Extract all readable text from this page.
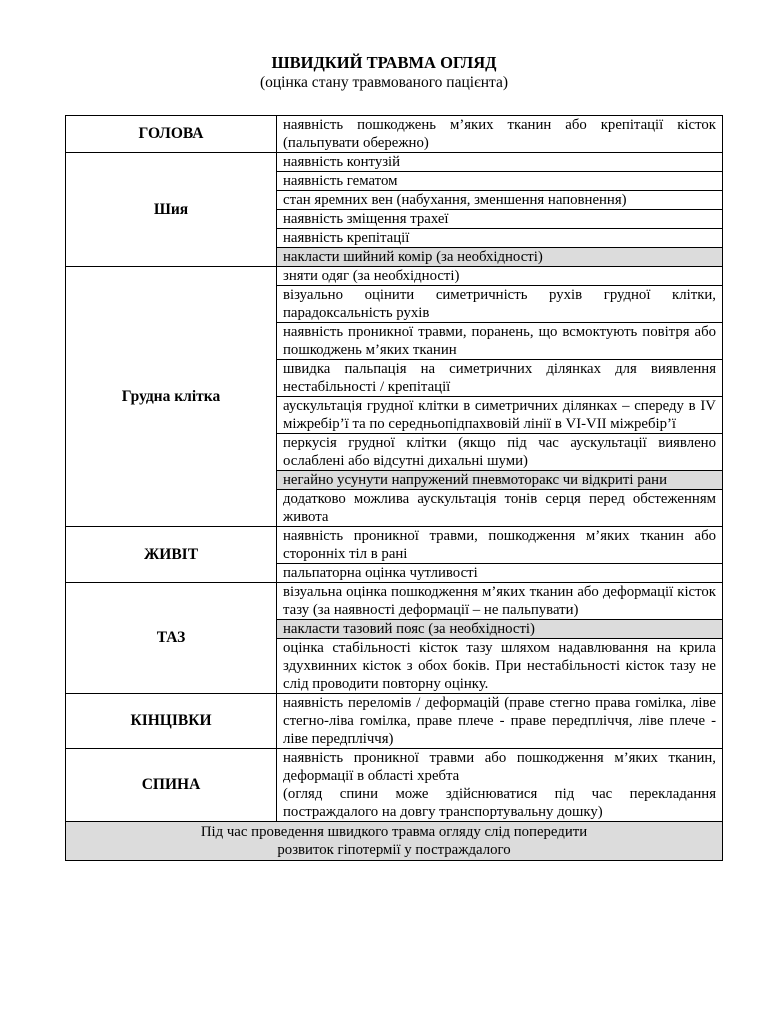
ШВИДКИЙ ТРАВМА ОГЛЯД
(оцінка стану травмованого пацієнта)
ГОЛОВА	наявність пошкоджень м’яких тканин або крепітації кісток (пальпувати обережно)
Шия	наявність контузій
	наявність гематом
	стан яремних вен (набухання, зменшення наповнення)
	наявність зміщення трахеї
	наявність крепітації
	накласти шийний комір (за необхідності)
Грудна клітка	зняти одяг (за необхідності)
	візуально оцінити симетричність рухів грудної клітки, парадоксальність рухів
	наявність проникної травми, поранень, що всмоктують повітря або пошкоджень м’яких тканин
	швидка пальпація на симетричних ділянках для виявлення нестабільності / крепітації
	аускультація грудної клітки в симетричних ділянках – спереду в IV міжребір’ї та по середньопідпахвовій лінії в VI-VII міжребір’ї
	перкусія грудної клітки (якщо під час аускультації виявлено ослаблені або відсутні дихальні шуми)
	негайно усунути напружений пневмоторакс чи відкриті рани
	додатково можлива аускультація тонів серця перед обстеженням живота
ЖИВІТ	наявність проникної травми, пошкодження м’яких тканин або сторонніх тіл в рані
	пальпаторна оцінка чутливості
ТАЗ	візуальна оцінка пошкодження м’яких тканин або деформації кісток тазу (за наявності деформації – не пальпувати)
	накласти тазовий пояс (за необхідності)
	оцінка стабільності кісток тазу шляхом надавлювання на крила здухвинних кісток з обох боків. При нестабільності кісток тазу не слід проводити повторну оцінку.
КІНЦІВКИ	наявність переломів / деформацій (праве стегно права гомілка, ліве стегно-ліва гомілка, праве плече - праве передпліччя, ліве плече - ліве передпліччя)
СПИНА	наявність проникної травми або пошкодження м’яких тканин, деформації в області хребта
(огляд спини може здійснюватися під час перекладання постраждалого на довгу транспортувальну дошку)

Під час проведення швидкого травма огляду слід попередити
розвиток гіпотермії у постраждалого	
